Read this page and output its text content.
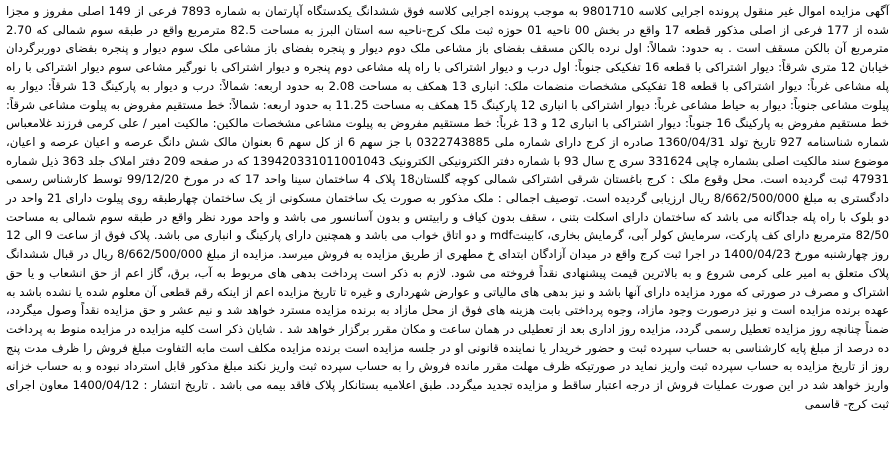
آگهی مزایده اموال غیر منقول پرونده اجرایی کلاسه 9801710 به موجب پرونده اجرایی کلاسه فوق ششدانگ یکدستگاه آپارتمان به شماره 7893 فرعی از 149 اصلی مفروز و مجزا شده از 177 فرعی از اصلی مذکور قطعه 17 واقع در بخش 00 ناحیه 01 حوزه ثبت ملک کرج-ناحیه سه استان البرز به مساحت 82.5 مترمربع واقع در طبقه سوم شمالی که 2.70 مترمربع آن بالکن مسقف است . به حدود: شمالاً: اول نرده بالکن مسقف بفضای باز مشاعی ملک دوم دیوار و پنجره بفضای باز مشاعی ملک سوم دیوار و پنجره بفضای دوربرگردان خیابان 12 متری شرقاً: دیوار اشتراکی با قطعه 16 تفکیکی جنوباً: اول درب و دیوار اشتراکی با راه پله مشاعی دوم پنجره و دیوار اشتراکی با نورگیر مشاعی سوم دیوار اشتراکی با راه پله مشاعی غرباً: دیوار اشتراکی با قطعه 18 تفکیکی مشخصات منضمات ملک: انباری 13 همکف به مساحت 2.08 به حدود اربعه: شمالاً: درب و دیوار به پارکینگ 13 شرقاً: دیوار به پیلوت مشاعی جنوباً: دیوار به حیاط مشاعی غرباً: دیوار اشتراکی با انباری 12 پارکینگ 15 همکف به مساحت 11.25 به حدود اربعه: شمالاً: خط مستقیم مفروض به پیلوت مشاعی شرقاً: خط مستقیم مفروض به پارکینگ 16 جنوباً: دیوار اشتراکی با انباری 12 و 13 غرباً: خط مستقیم مفروض به پیلوت مشاعی مشخصات مالکین: مالکیت امیر / علی کرمی فرزند غلامعباس شماره شناسنامه 927 تاریخ تولد 1360/04/31 صادره از کرج دارای شماره ملی 0322743885 با جز سهم 6 از کل سهم 6 بعنوان مالک شش دانگ عرصه و اعیان عرصه و اعیان، موضوع سند مالکیت اصلی بشماره چاپی 331624 سری ج سال 93 با شماره دفتر الکترونیکی الکترونیک 139420331011001043 که در صفحه 209 دفتر املاک جلد 363 ذیل شماره 47931 ثبت گردیده است. محل وقوع ملک : کرج باغستان شرقی اشتراکی شمالی کوچه گلستان18 پلاک 4 ساختمان سینا واحد 17 که در مورخ 99/12/20 توسط کارشناس رسمی دادگستری به مبلغ 8/662/500/000 ریال ارزیابی گردیده است. توصیف اجمالی : ملک مذکور به صورت یک ساختمان مسکونی از یک ساختمان چهارطبقه روی پیلوت دارای 21 واحد در دو بلوک با راه پله جداگانه می باشد که ساختمان دارای اسکلت بتنی ، سقف بدون کیاف و رابیتس و بدون آسانسور می باشد و واحد مورد نظر واقع در طبقه سوم شمالی به مساحت 82/50 مترمربع دارای کف پارکت، سرمایش کولر آبی، گرمایش بخاری، کابینتmdf و دو اتاق خواب می باشد و همچنین دارای پارکینگ و انباری می باشد. پلاک فوق از ساعت 9 الی 12 روز چهارشنبه مورخ 1400/04/23 در اجرا ثبت کرج واقع در میدان آزادگان ابتدای خ مطهری از طریق مزایده به فروش میرسد. مزایده از مبلغ 8/662/500/000 ریال در قبال ششدانگ پلاک متعلق به امیر علی کرمی شروع و به بالاترین قیمت پیشنهادی نقداً فروخته می شود. لازم به ذکر است پرداخت بدهی های مربوط به آب، برق، گاز اعم از حق انشعاب و یا حق اشتراک و مصرف در صورتی که مورد مزایده دارای آنها باشد و نیز بدهی های مالیاتی و عوارض شهرداری و غیره تا تاریخ مزایده اعم از اینکه رقم قطعی آن معلوم شده یا نشده باشد به عهده برنده مزایده است و نیز درصورت وجود مازاد، وجوه پرداختی بابت هزینه های فوق از محل مازاد به برنده مزایده مسترد خواهد شد و نیم عشر و حق مزایده نقداً وصول میگردد، ضمناً چنانچه روز مزایده تعطیل رسمی گردد، مزایده روز اداری بعد از تعطیلی در همان ساعت و مکان مقرر برگزار خواهد شد . شایان ذکر است کلیه مزایده در مزایده منوط به پرداخت ده درصد از مبلغ پایه کارشناسی به حساب سپرده ثبت و حضور خریدار یا نماینده قانونی او در جلسه مزایده است برنده مزایده مکلف است مابه التفاوت مبلغ فروش را ظرف مدت پنج روز از تاریخ مزایده به حساب سپرده ثبت واریز نماید در صورتیکه ظرف مهلت مقرر مانده فروش را به حساب سپرده ثبت واریز نکند مبلغ مذکور قابل استرداد نبوده و به حساب خزانه واریز خواهد شد در این صورت عملیات فروش از درجه اعتبار ساقط و مزایده تجدید میگردد. طبق اعلامیه بستانکار پلاک فاقد بیمه می باشد . تاریخ انتشار : 1400/04/12 معاون اجرای ثبت کرج- قاسمی
